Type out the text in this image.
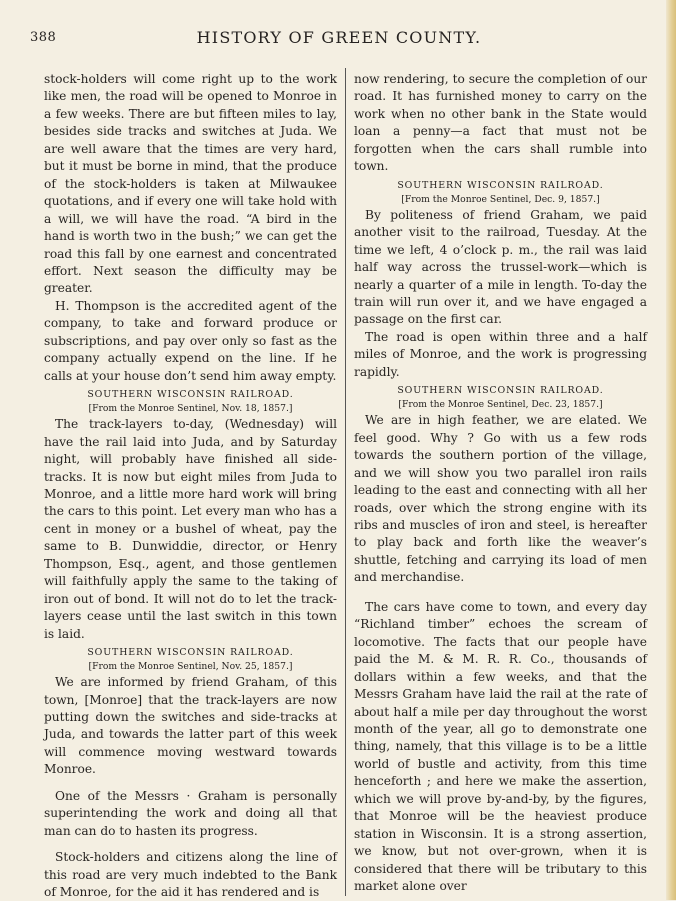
388	HISTORY OF GREEN COUNTY.

stock-holders will come right up to the work like men, the road will be opened to Monroe in a few weeks. There are but fifteen miles to lay, besides side tracks and switches at Juda. We are well aware that the times are very hard, but it must be borne in mind, that the produce of the stock-holders is taken at Milwaukee quotations, and if every one will take hold with a will, we will have the road. “A bird in the hand is worth two in the bush;” we can get the road this fall by one earnest and concentrated effort. Next season the difficulty may be greater.

H. Thompson is the accredited agent of the company, to take and forward produce or subscriptions, and pay over only so fast as the company actually expend on the line. If he calls at your house don’t send him away empty.

SOUTHERN WISCONSIN RAILROAD.
[From the Monroe Sentinel, Nov. 18, 1857.]

The track-layers to-day, (Wednesday) will have the rail laid into Juda, and by Saturday night, will probably have finished all side-tracks. It is now but eight miles from Juda to Monroe, and a little more hard work will bring the cars to this point. Let every man who has a cent in money or a bushel of wheat, pay the same to B. Dunwiddie, director, or Henry Thompson, Esq., agent, and those gentlemen will faithfully apply the same to the taking of iron out of bond. It will not do to let the track-layers cease until the last switch in this town is laid.

SOUTHERN WISCONSIN RAILROAD.
[From the Monroe Sentinel, Nov. 25, 1857.]

We are informed by friend Graham, of this town, [Monroe] that the track-layers are now putting down the switches and side-tracks at Juda, and towards the latter part of this week will commence moving westward towards Monroe.

One of the Messrs · Graham is personally superintending the work and doing all that man can do to hasten its progress.

Stock-holders and citizens along the line of this road are very much indebted to the Bank of Monroe, for the aid it has rendered and is

now rendering, to secure the completion of our road. It has furnished money to carry on the work when no other bank in the State would loan a penny—a fact that must not be forgotten when the cars shall rumble into town.

SOUTHERN WISCONSIN RAILROAD.
[From the Monroe Sentinel, Dec. 9, 1857.]

By politeness of friend Graham, we paid another visit to the railroad, Tuesday. At the time we left, 4 o’clock p. m., the rail was laid half way across the trussel-work—which is nearly a quarter of a mile in length. To-day the train will run over it, and we have engaged a passage on the first car.

The road is open within three and a half miles of Monroe, and the work is progressing rapidly.

SOUTHERN WISCONSIN RAILROAD.
[From the Monroe Sentinel, Dec. 23, 1857.]

We are in high feather, we are elated. We feel good. Why ? Go with us a few rods towards the southern portion of the village, and we will show you two parallel iron rails leading to the east and connecting with all her roads, over which the strong engine with its ribs and muscles of iron and steel, is hereafter to play back and forth like the weaver’s shuttle, fetching and carrying its load of men and merchandise.

The cars have come to town, and every day “Richland timber” echoes the scream of locomotive. The facts that our people have paid the M. & M. R. R. Co., thousands of dollars within a few weeks, and that the Messrs Graham have laid the rail at the rate of about half a mile per day throughout the worst month of the year, all go to demonstrate one thing, namely, that this village is to be a little world of bustle and activity, from this time henceforth ; and here we make the assertion, which we will prove by-and-by, by the figures, that Monroe will be the heaviest produce station in Wisconsin. It is a strong assertion, we know, but not over-grown, when it is considered that there will be tributary to this market alone over
